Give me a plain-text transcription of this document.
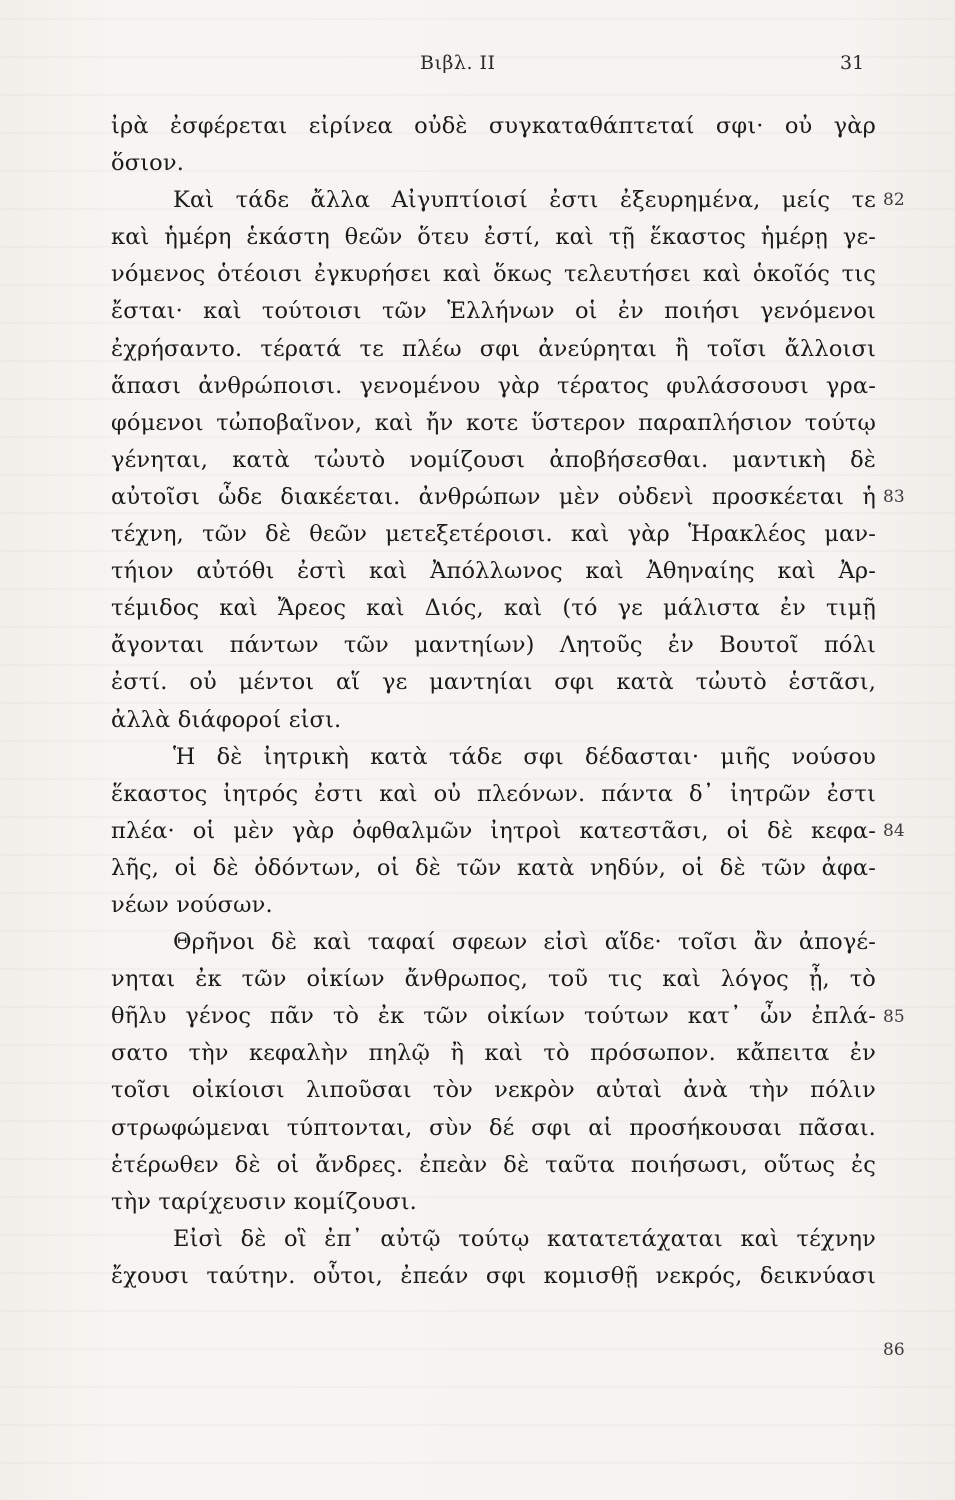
Βιβλ. ΙΙ	31
ἰρὰ ἐσφέρεται εἰρίνεα οὐδὲ συγκαταθάπτεταί σφι· οὐ γὰρ
ὅσιον.
Καὶ τάδε ἄλλα Αἰγυπτίοισί ἐστι ἐξευρημένα, μείς τε
καὶ ἡμέρη ἑκάστη θεῶν ὅτευ ἐστί, καὶ τῇ ἕκαστος ἡμέρῃ γε-
νόμενος ὁτέοισι ἐγκυρήσει καὶ ὅκως τελευτήσει καὶ ὁκοῖός τις
ἔσται· καὶ τούτοισι τῶν Ἑλλήνων οἱ ἐν ποιήσι γενόμενοι
ἐχρήσαντο. τέρατά τε πλέω σφι ἀνεύρηται ἢ τοῖσι ἄλλοισι
ἅπασι ἀνθρώποισι. γενομένου γὰρ τέρατος φυλάσσουσι γρα-
φόμενοι τὠποβαῖνον, καὶ ἤν κοτε ὕστερον παραπλήσιον τούτῳ
γένηται, κατὰ τὠυτὸ νομίζουσι ἀποβήσεσθαι. μαντικὴ δὲ
αὐτοῖσι ὧδε διακέεται. ἀνθρώπων μὲν οὐδενὶ προσκέεται ἡ
τέχνη, τῶν δὲ θεῶν μετεξετέροισι. καὶ γὰρ Ἡρακλέος μαν-
τήιον αὐτόθι ἐστὶ καὶ Ἀπόλλωνος καὶ Ἀθηναίης καὶ Ἀρ-
τέμιδος καὶ Ἄρεος καὶ Διός, καὶ (τό γε μάλιστα ἐν τιμῇ
ἄγονται πάντων τῶν μαντηίων) Λητοῦς ἐν Βουτοῖ πόλι
ἐστί. οὐ μέντοι αἵ γε μαντηίαι σφι κατὰ τὠυτὸ ἑστᾶσι,
ἀλλὰ διάφοροί εἰσι.
Ἡ δὲ ἰητρικὴ κατὰ τάδε σφι δέδασται· μιῆς νούσου
ἕκαστος ἰητρός ἐστι καὶ οὐ πλεόνων. πάντα δ᾽ ἰητρῶν ἐστι
πλέα· οἱ μὲν γὰρ ὀφθαλμῶν ἰητροὶ κατεστᾶσι, οἱ δὲ κεφα-
λῆς, οἱ δὲ ὀδόντων, οἱ δὲ τῶν κατὰ νηδύν, οἱ δὲ τῶν ἀφα-
νέων νούσων.
Θρῆνοι δὲ καὶ ταφαί σφεων εἰσὶ αἵδε· τοῖσι ἂν ἀπογέ-
νηται ἐκ τῶν οἰκίων ἄνθρωπος, τοῦ τις καὶ λόγος ᾖ, τὸ
θῆλυ γένος πᾶν τὸ ἐκ τῶν οἰκίων τούτων κατ᾽ ὦν ἐπλά-
σατο τὴν κεφαλὴν πηλῷ ἢ καὶ τὸ πρόσωπον. κἄπειτα ἐν
τοῖσι οἰκίοισι λιποῦσαι τὸν νεκρὸν αὐταὶ ἀνὰ τὴν πόλιν
στρωφώμεναι τύπτονται, σὺν δέ σφι αἱ προσήκουσαι πᾶσαι.
ἑτέρωθεν δὲ οἱ ἄνδρες. ἐπεὰν δὲ ταῦτα ποιήσωσι, οὕτως ἐς
τὴν ταρίχευσιν κομίζουσι.
Εἰσὶ δὲ οἳ ἐπ᾽ αὐτῷ τούτῳ κατατετάχαται καὶ τέχνην
ἔχουσι ταύτην. οὗτοι, ἐπεάν σφι κομισθῇ νεκρός, δεικνύασι
82
83
84
85
86
